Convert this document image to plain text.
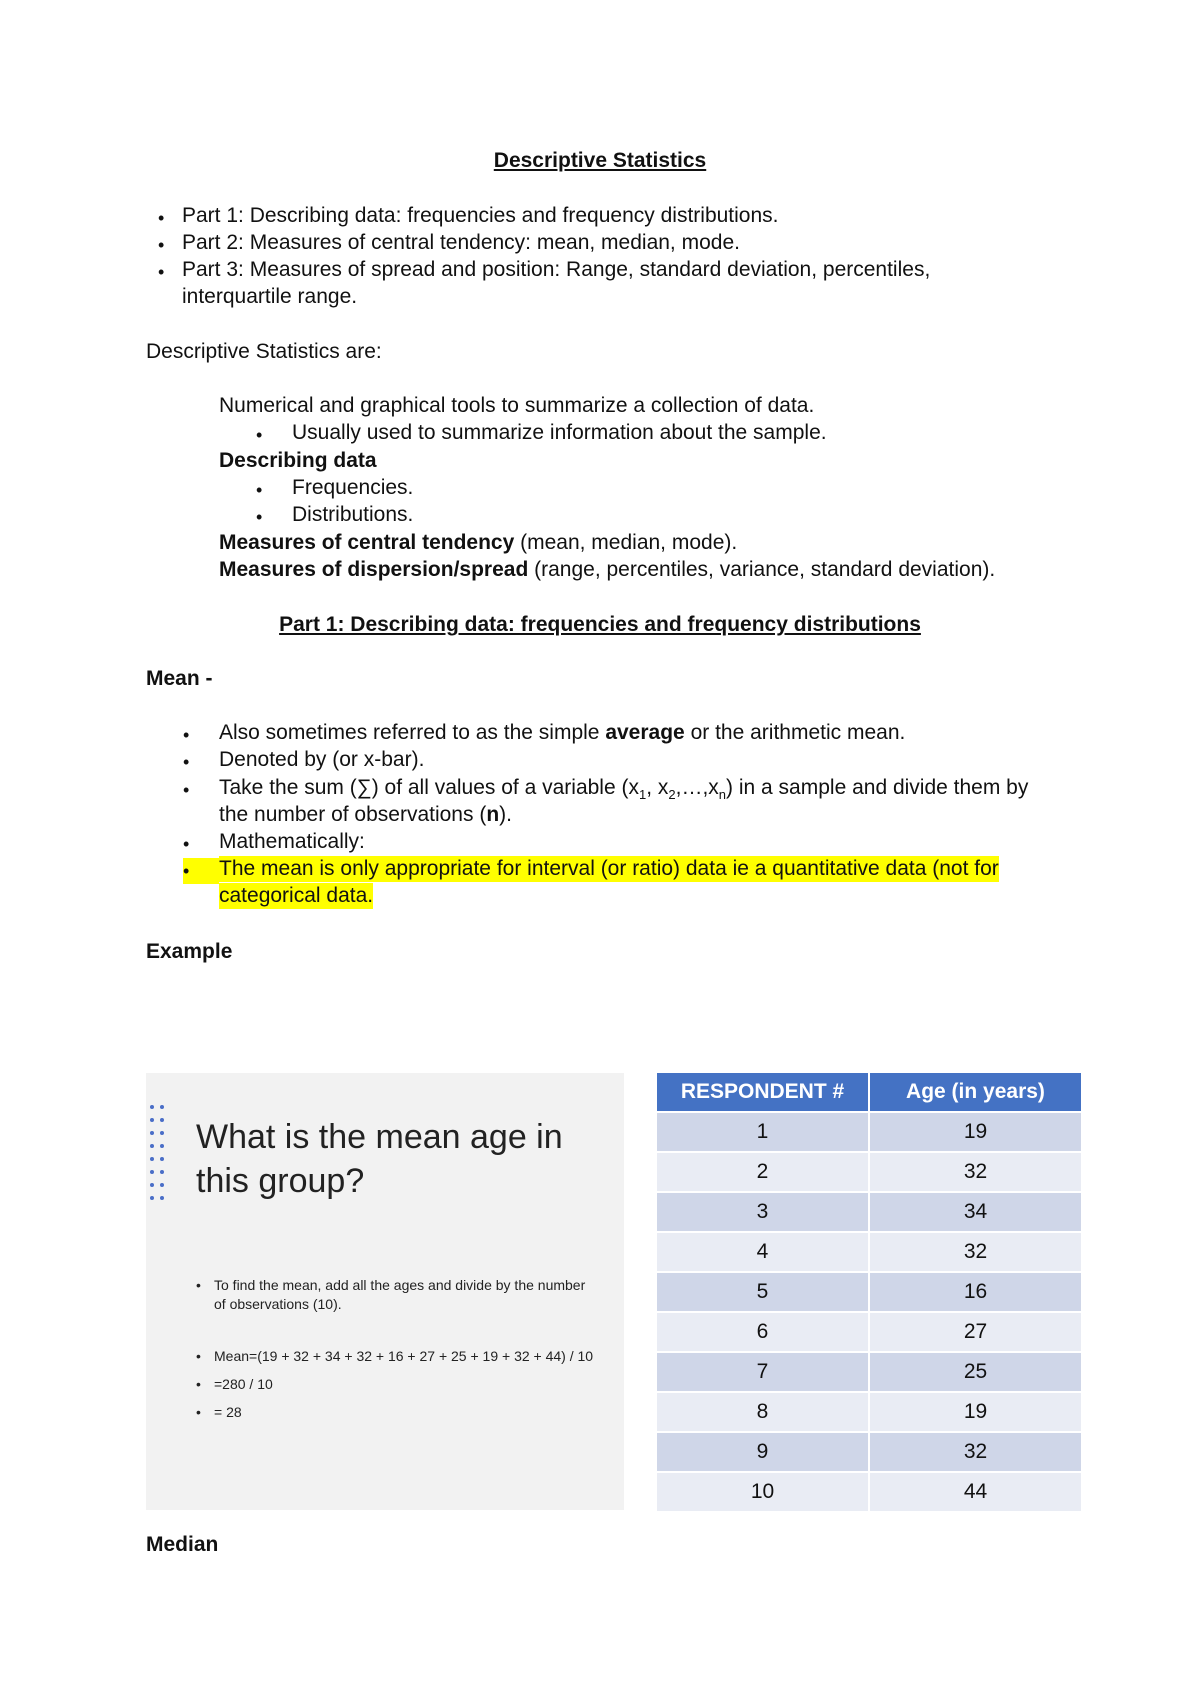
Descriptive Statistics
• Part 1: Describing data: frequencies and frequency distributions.
• Part 2: Measures of central tendency: mean, median, mode.
• Part 3: Measures of spread and position: Range, standard deviation, percentiles,
interquartile range.
Descriptive Statistics are:
Numerical and graphical tools to summarize a collection of data.
• Usually used to summarize information about the sample.
Describing data
• Frequencies.
• Distributions.
Measures of central tendency (mean, median, mode).
Measures of dispersion/spread (range, percentiles, variance, standard deviation).
Part 1: Describing data: frequencies and frequency distributions
Mean -
• Also sometimes referred to as the simple average or the arithmetic mean.
• Denoted by (or x-bar).
• Take the sum (∑) of all values of a variable ($x_1$, $x_2,\dots,x_n$) in a sample and divide them by
the number of observations (n).
• Mathematically:
•	The mean is only appropriate for interval (or ratio) data ie a quantitative data (not for
categorical data.
Example
What is the mean age in this group?
• To find the mean, add all the ages and divide by the number of observations (10).
• Mean=(19 + 32 + 34 + 32 + 16 + 27 + 25 + 19 + 32 + 44) / 10
• =280 / 10
• = 28
RESPONDENT #	Age (in years)
1	19
2	32
3	34
4	32
5	16
6	27
7	25
8	19
9	32
10	44
Median
